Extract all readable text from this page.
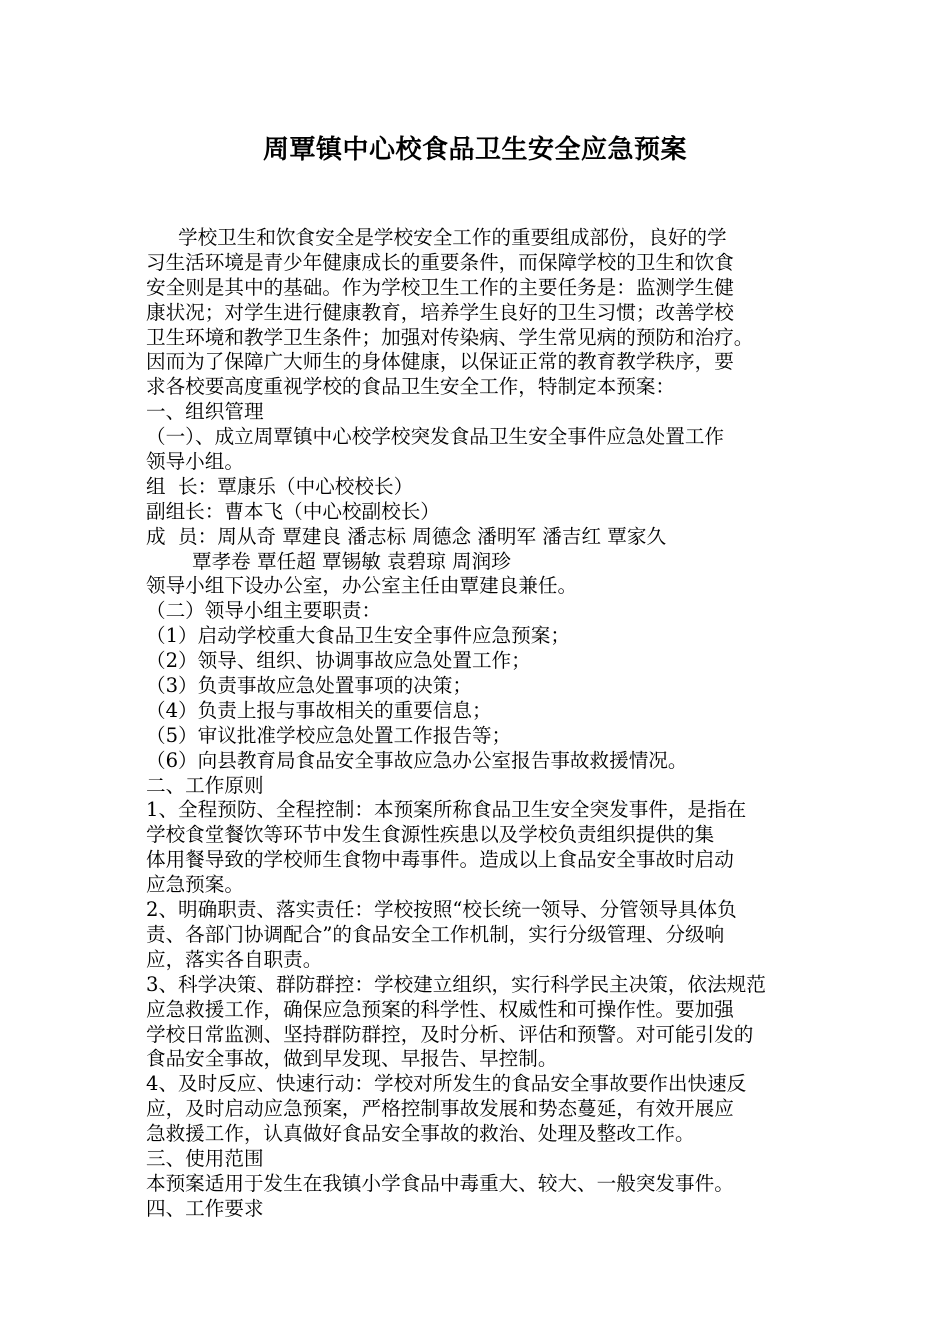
周覃镇中心校食品卫生安全应急预案
学校卫生和饮食安全是学校安全工作的重要组成部份，良好的学
习生活环境是青少年健康成长的重要条件，而保障学校的卫生和饮食
安全则是其中的基础。作为学校卫生工作的主要任务是：监测学生健
康状况；对学生进行健康教育，培养学生良好的卫生习惯；改善学校
卫生环境和教学卫生条件；加强对传染病、学生常见病的预防和治疗。
因而为了保障广大师生的身体健康，以保证正常的教育教学秩序，要
求各校要高度重视学校的食品卫生安全工作，特制定本预案：
一、组织管理
（一）、成立周覃镇中心校学校突发食品卫生安全事件应急处置工作
领导小组。
组  长：覃康乐（中心校校长）
副组长：曹本飞（中心校副校长）
成  员：周从奇 覃建良 潘志标 周德念 潘明军 潘吉红 覃家久
覃孝卷 覃任超 覃锡敏 袁碧琼 周润珍
领导小组下设办公室，办公室主任由覃建良兼任。
（二）领导小组主要职责：
（1）启动学校重大食品卫生安全事件应急预案；
（2）领导、组织、协调事故应急处置工作；
（3）负责事故应急处置事项的决策；
（4）负责上报与事故相关的重要信息；
（5）审议批准学校应急处置工作报告等；
（6）向县教育局食品安全事故应急办公室报告事故救援情况。
二、工作原则
1、全程预防、全程控制：本预案所称食品卫生安全突发事件，是指在
学校食堂餐饮等环节中发生食源性疾患以及学校负责组织提供的集
体用餐导致的学校师生食物中毒事件。造成以上食品安全事故时启动
应急预案。
2、明确职责、落实责任：学校按照“校长统一领导、分管领导具体负
责、各部门协调配合”的食品安全工作机制，实行分级管理、分级响
应，落实各自职责。
3、科学决策、群防群控：学校建立组织，实行科学民主决策，依法规范
应急救援工作，确保应急预案的科学性、权威性和可操作性。要加强
学校日常监测、坚持群防群控，及时分析、评估和预警。对可能引发的
食品安全事故，做到早发现、早报告、早控制。
4、及时反应、快速行动：学校对所发生的食品安全事故要作出快速反
应，及时启动应急预案，严格控制事故发展和势态蔓延，有效开展应
急救援工作，认真做好食品安全事故的救治、处理及整改工作。
三、使用范围
本预案适用于发生在我镇小学食品中毒重大、较大、一般突发事件。
四、工作要求
